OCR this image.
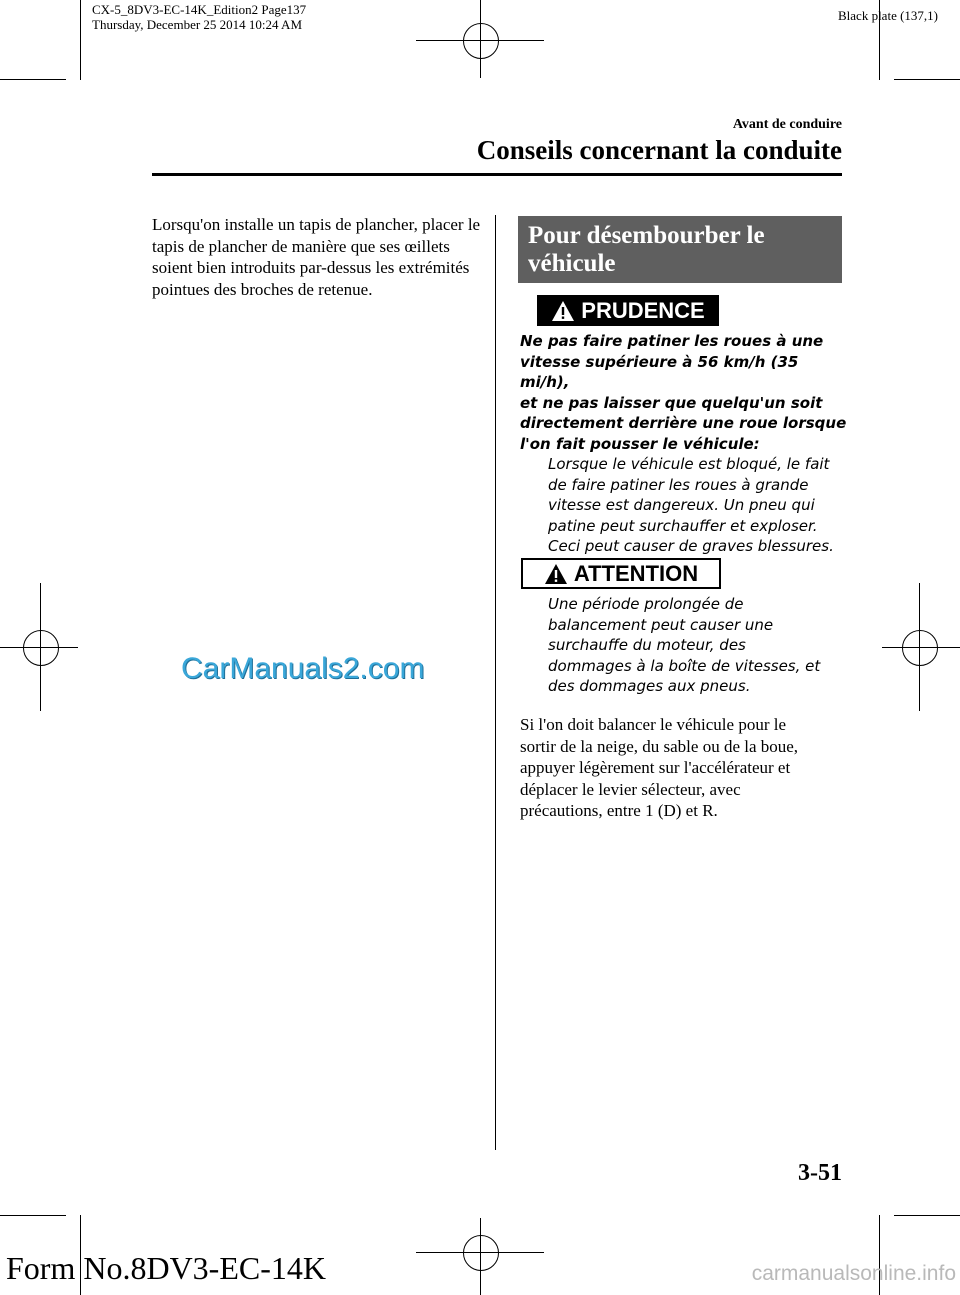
CX-5_8DV3-EC-14K_Edition2 Page137
Thursday, December 25 2014 10:24 AM
Black plate (137,1)
Avant de conduire
Conseils concernant la conduite
Lorsqu'on installe un tapis de plancher, placer le tapis de plancher de manière que ses œillets soient bien introduits par-dessus les extrémités pointues des broches de retenue.
CarManuals2.com
Pour désembourber le
véhicule
PRUDENCE
Ne pas faire patiner les roues à une
vitesse supérieure à 56 km/h (35 mi/h),
et ne pas laisser que quelqu'un soit
directement derrière une roue lorsque
l'on fait pousser le véhicule:
Lorsque le véhicule est bloqué, le fait
de faire patiner les roues à grande
vitesse est dangereux. Un pneu qui
patine peut surchauffer et exploser.
Ceci peut causer de graves blessures.
ATTENTION
Une période prolongée de
balancement peut causer une
surchauffe du moteur, des
dommages à la boîte de vitesses, et
des dommages aux pneus.
Si l'on doit balancer le véhicule pour le
sortir de la neige, du sable ou de la boue,
appuyer légèrement sur l'accélérateur et
déplacer le levier sélecteur, avec
précautions, entre 1 (D) et R.
3-51
Form No.8DV3-EC-14K	carmanualsonline.info
